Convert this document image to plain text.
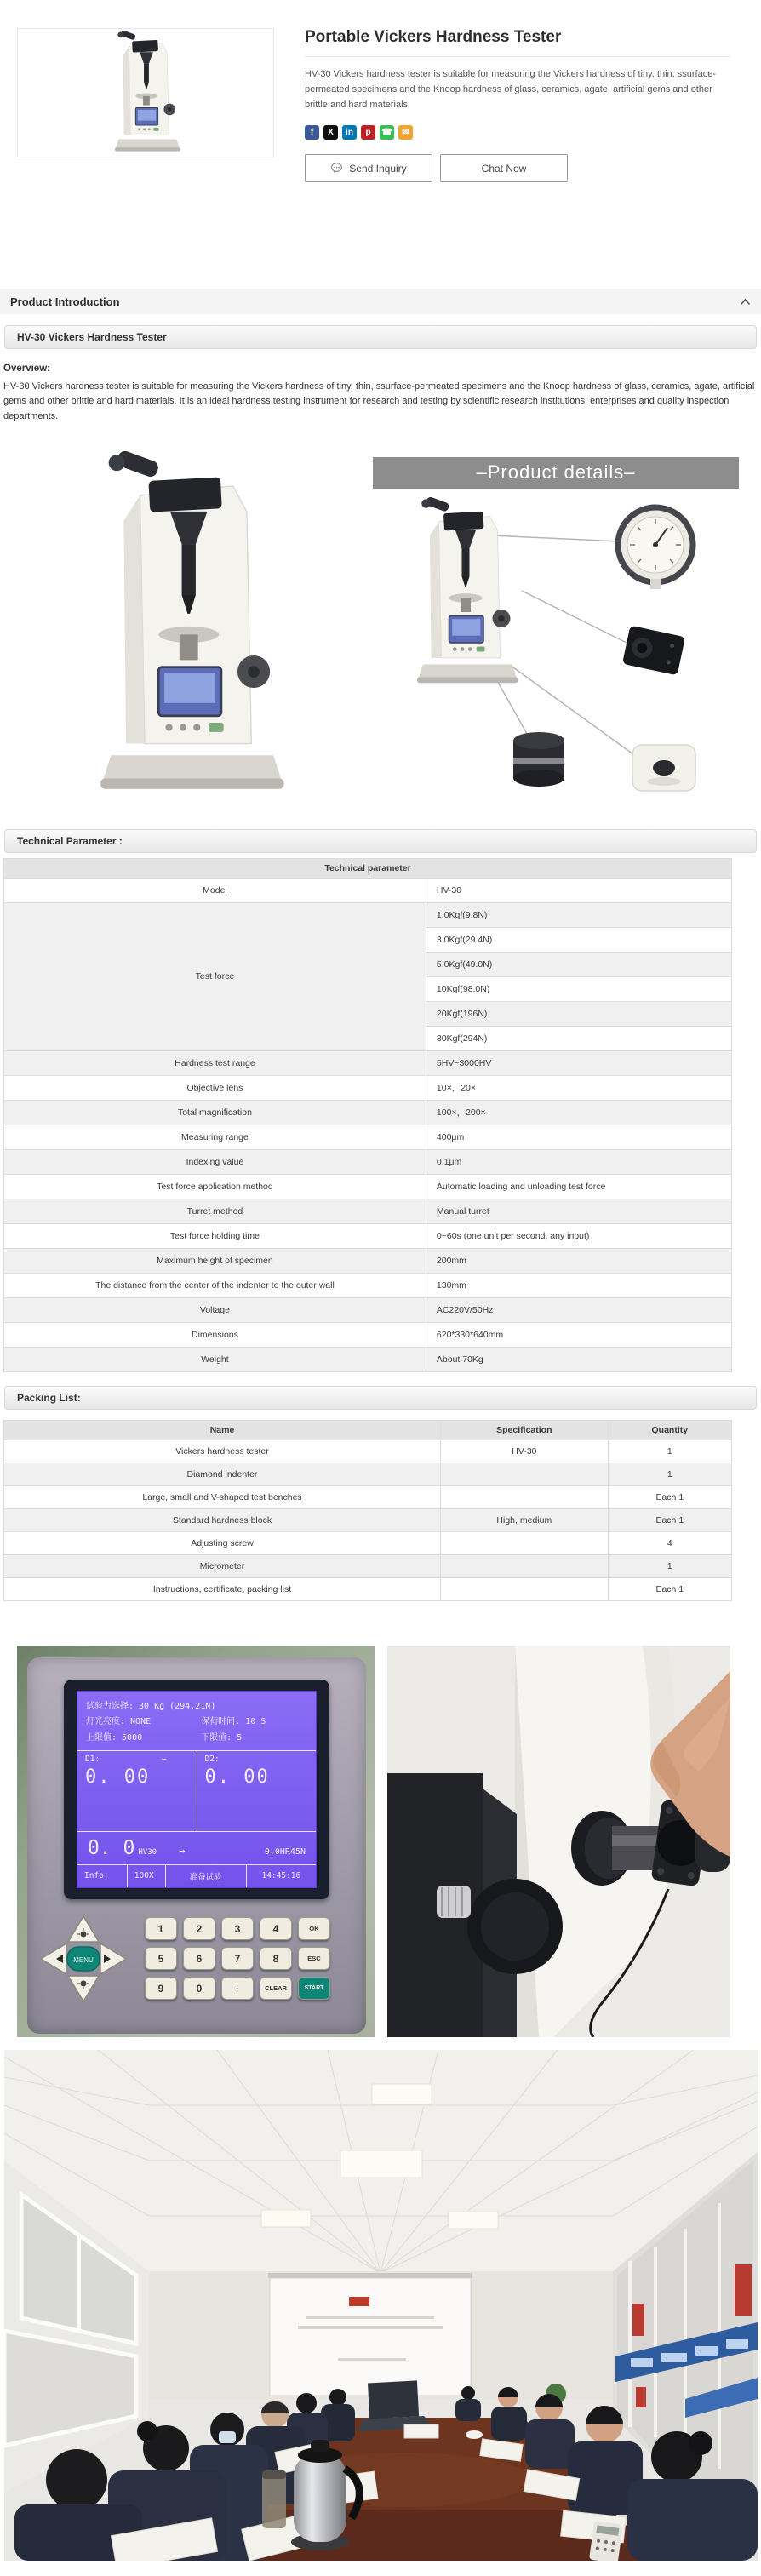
Portable Vickers Hardness Tester
HV-30 Vickers hardness tester is suitable for measuring the Vickers hardness of tiny, thin, ssurface-permeated specimens and the Knoop hardness of glass, ceramics, agate, artificial gems and other brittle and hard materials
f	X	in	p	☎	✉
Send Inquiry	Chat Now
Product Introduction
HV-30 Vickers Hardness Tester
Overview:
HV-30 Vickers hardness tester is suitable for measuring the Vickers hardness of tiny, thin, ssurface-permeated specimens and the Knoop hardness of glass, ceramics, agate, artificial gems and other brittle and hard materials. It is an ideal hardness testing instrument for research and testing by scientific research institutions, enterprises and quality inspection departments.
–Product details–
Technical Parameter :
Technical parameter	
Model	HV-30
Test force	1.0Kgf(9.8N)
	3.0Kgf(29.4N)
	5.0Kgf(49.0N)
	10Kgf(98.0N)
	20Kgf(196N)
	30Kgf(294N)
Hardness test range	5HV~3000HV
Objective lens	10×，20×
Total magnification	100×，200×
Measuring range	400μm
Indexing value	0.1μm
Test force application method	Automatic loading and unloading test force
Turret method	Manual turret
Test force holding time	0~60s (one unit per second, any input)
Maximum height of specimen	200mm
The distance from the center of the indenter to the outer wall	130mm
Voltage	AC220V/50Hz
Dimensions	620*330*640mm
Weight	About 70Kg
Packing List:
Name	Specification	Quantity
Vickers hardness tester	HV-30	1
Diamond indenter		1
Large, small and V-shaped test benches		Each 1
Standard hardness block	High, medium	Each 1
Adjusting screw		4
Micrometer		1
Instructions, certificate, packing list		Each 1
试验力选择: 30 Kg (294.21N)
灯光亮度: NONE	保荷时间: 10 S
上限值: 5000	下限值: 5
D1:	←
0. 00
D2:
0. 00
0. 0 HV30 →	0.0HR45N
Info:	100X	准备试验	14:45:16
MENU
1	2	3	4	OK
5	6	7	8	ESC
9	0	·	CLEAR	START
